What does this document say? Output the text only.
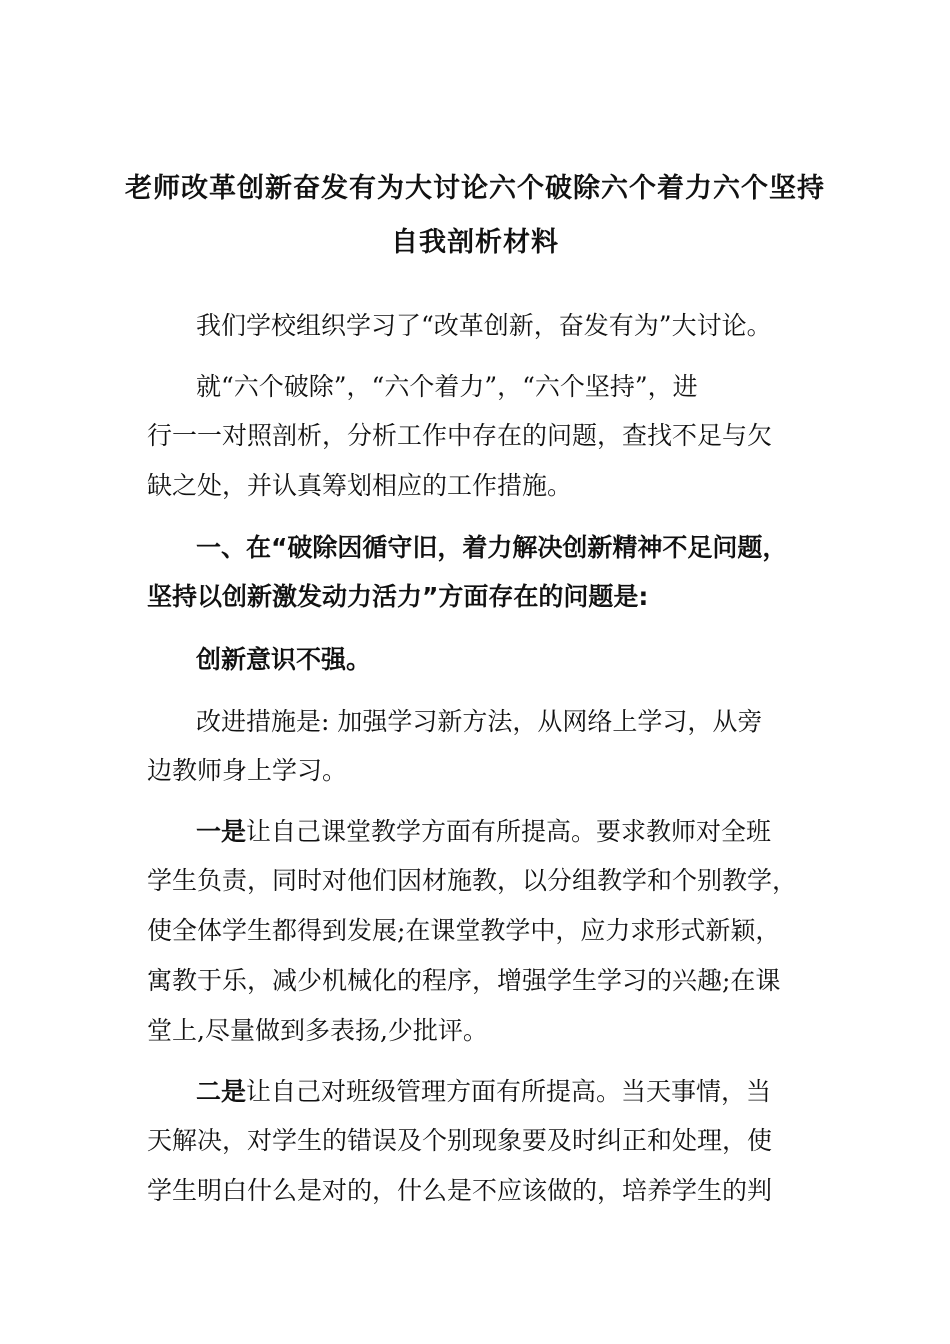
老师改革创新奋发有为大讨论六个破除六个着力六个坚持
自我剖析材料

我们学校组织学习了“改革创新，奋发有为”大讨论。

就“六个破除”，“六个着力”，“六个坚持”，进

行一一对照剖析，分析工作中存在的问题，查找不足与欠

缺之处，并认真筹划相应的工作措施。

一、在“破除因循守旧，着力解决创新精神不足问题，

坚持以创新激发动力活力”方面存在的问题是:

创新意识不强。

改进措施是: 加强学习新方法，从网络上学习，从旁

边教师身上学习。

一是让自己课堂教学方面有所提高。要求教师对全班

学生负责，同时对他们因材施教，以分组教学和个别教学，

使全体学生都得到发展;在课堂教学中，应力求形式新颖，

寓教于乐，减少机械化的程序，增强学生学习的兴趣;在课

堂上,尽量做到多表扬,少批评。

二是让自己对班级管理方面有所提高。当天事情，当

天解决，对学生的错误及个别现象要及时纠正和处理，使

学生明白什么是对的，什么是不应该做的，培养学生的判
